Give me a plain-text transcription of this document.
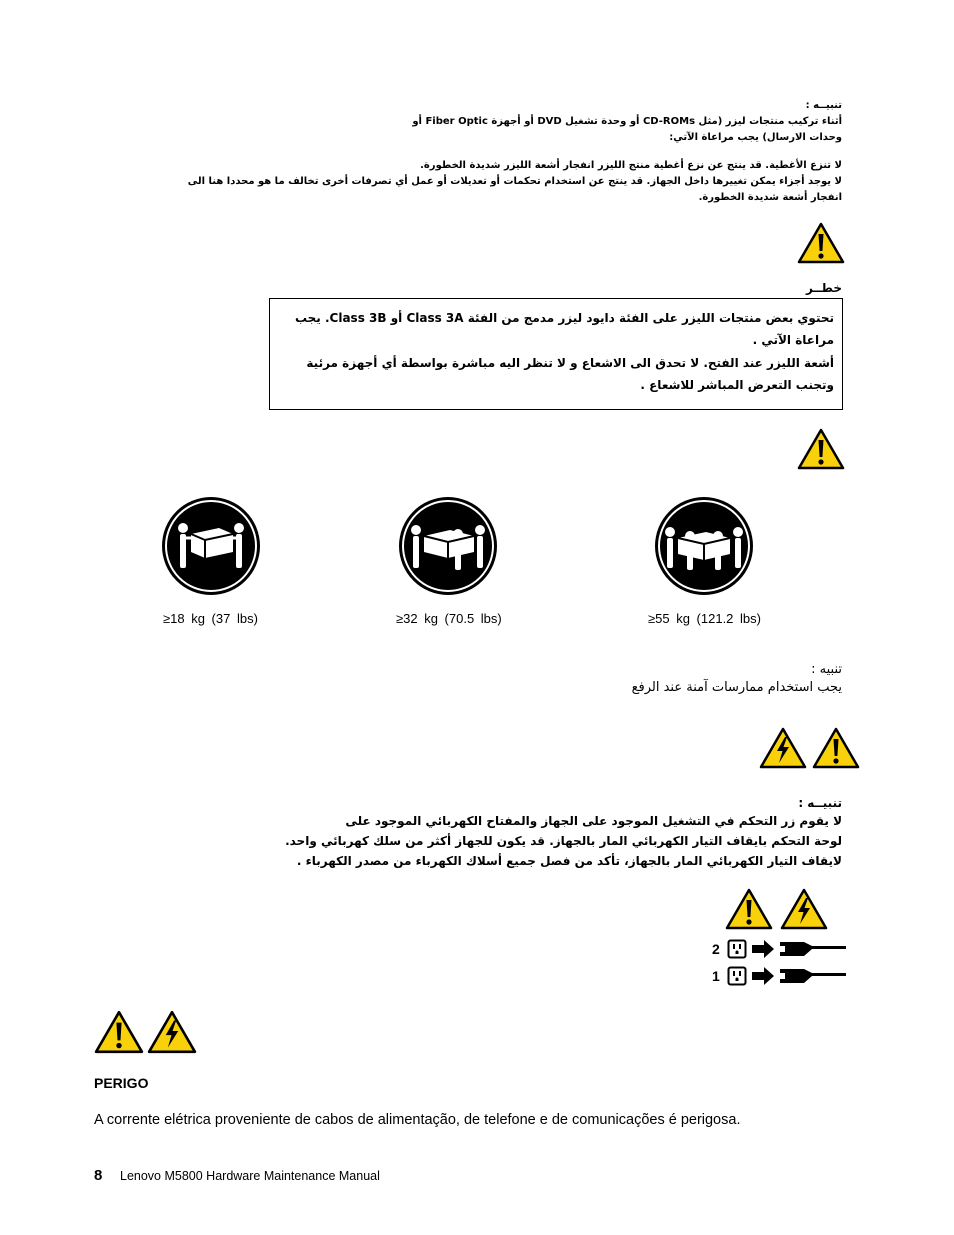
تنبيــه :
أثناء تركيب منتجات ليزر (مثل CD-ROMs أو وحدة تشغيل DVD أو أجهزة Fiber Optic أو
وحدات الارسال) يجب مراعاة الآتي:
لا تنزع الأغطية. قد ينتج عن نزع أغطية منتج الليزر انفجار أشعة الليزر شديدة الخطورة.
لا يوجد أجزاء يمكن تغييرها داخل الجهاز. قد ينتج عن استخدام تحكمات أو تعديلات أو عمل أي تصرفات أخرى تخالف ما هو محددا هنا الى
انفجار أشعة شديدة الخطورة.
خطــر
تحتوي بعض منتجات الليزر على الفئة دايود ليزر مدمج من الفئة Class 3A أو Class 3B. يجب
مراعاة الآتي .
أشعة الليزر عند الفتح. لا تحدق الى الاشعاع و لا تنظر اليه مباشرة بواسطة أي أجهزة مرئية
وتجنب التعرض المباشر للاشعاع .
≥18 kg (37 lbs)	≥32 kg (70.5 lbs)	≥55 kg (121.2 lbs)
تنبيه :
يجب استخدام ممارسات آمنة عند الرفع
تنبيــه :
لا يقوم زر التحكم في التشغيل الموجود على الجهاز والمفتاح الكهربائي الموجود على
لوحة التحكم بايقاف التيار الكهربائي المار بالجهاز. قد يكون للجهاز أكثر من سلك كهربائي واحد.
لايقاف التيار الكهربائي المار بالجهاز، تأكد من فصل جميع أسلاك الكهرباء من مصدر الكهرباء .
2
1
PERIGO
A corrente elétrica proveniente de cabos de alimentação, de telefone e de comunicações é perigosa.
8 Lenovo M5800 Hardware Maintenance Manual
